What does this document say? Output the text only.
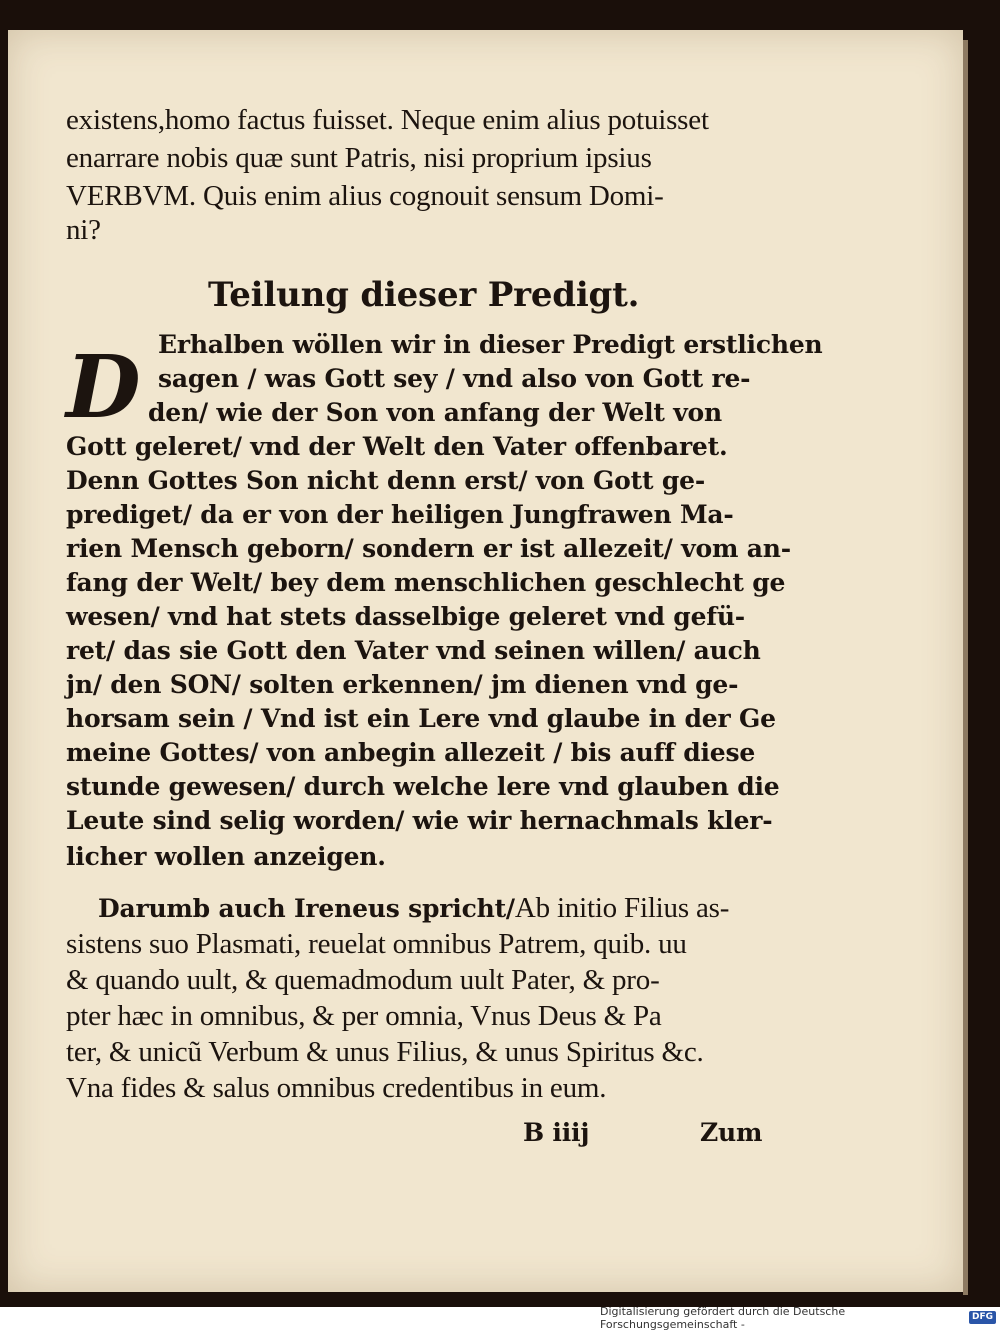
existens,homo factus fuisset. Neque enim alius potuisset
enarrare nobis quæ sunt Patris, nisi proprium ipsius
VERBVM. Quis enim alius cognouit sensum Domi-
ni?
Teilung dieser Predigt.
D Erhalben wöllen wir in dieser Predigt erstlichen
sagen / was Gott sey / vnd also von Gott re-
den/ wie der Son von anfang der Welt von
Gott geleret/ vnd der Welt den Vater offenbaret.
Denn Gottes Son nicht denn erst/ von Gott ge-
prediget/ da er von der heiligen Jungfrawen Ma-
rien Mensch geborn/ sondern er ist allezeit/ vom an-
fang der Welt/ bey dem menschlichen geschlecht ge
wesen/ vnd hat stets dasselbige geleret vnd gefü-
ret/ das sie Gott den Vater vnd seinen willen/ auch
jn/ den SON/ solten erkennen/ jm dienen vnd ge-
horsam sein / Vnd ist ein Lere vnd glaube in der Ge
meine Gottes/ von anbegin allezeit / bis auff diese
stunde gewesen/ durch welche lere vnd glauben die
Leute sind selig worden/ wie wir hernachmals kler-
licher wollen anzeigen.
Darumb auch Ireneus spricht/Ab initio Filius as-
sistens suo Plasmati, reuelat omnibus Patrem, quib. uu
& quando uult, & quemadmodum uult Pater, & pro-
pter hæc in omnibus, & per omnia, Vnus Deus & Pa
ter, & unicũ Verbum & unus Filius, & unus Spiritus &c.
Vna fides & salus omnibus credentibus in eum.
B iiij	Zum
Digitalisierung gefördert durch die Deutsche Forschungsgemeinschaft -
DFG
